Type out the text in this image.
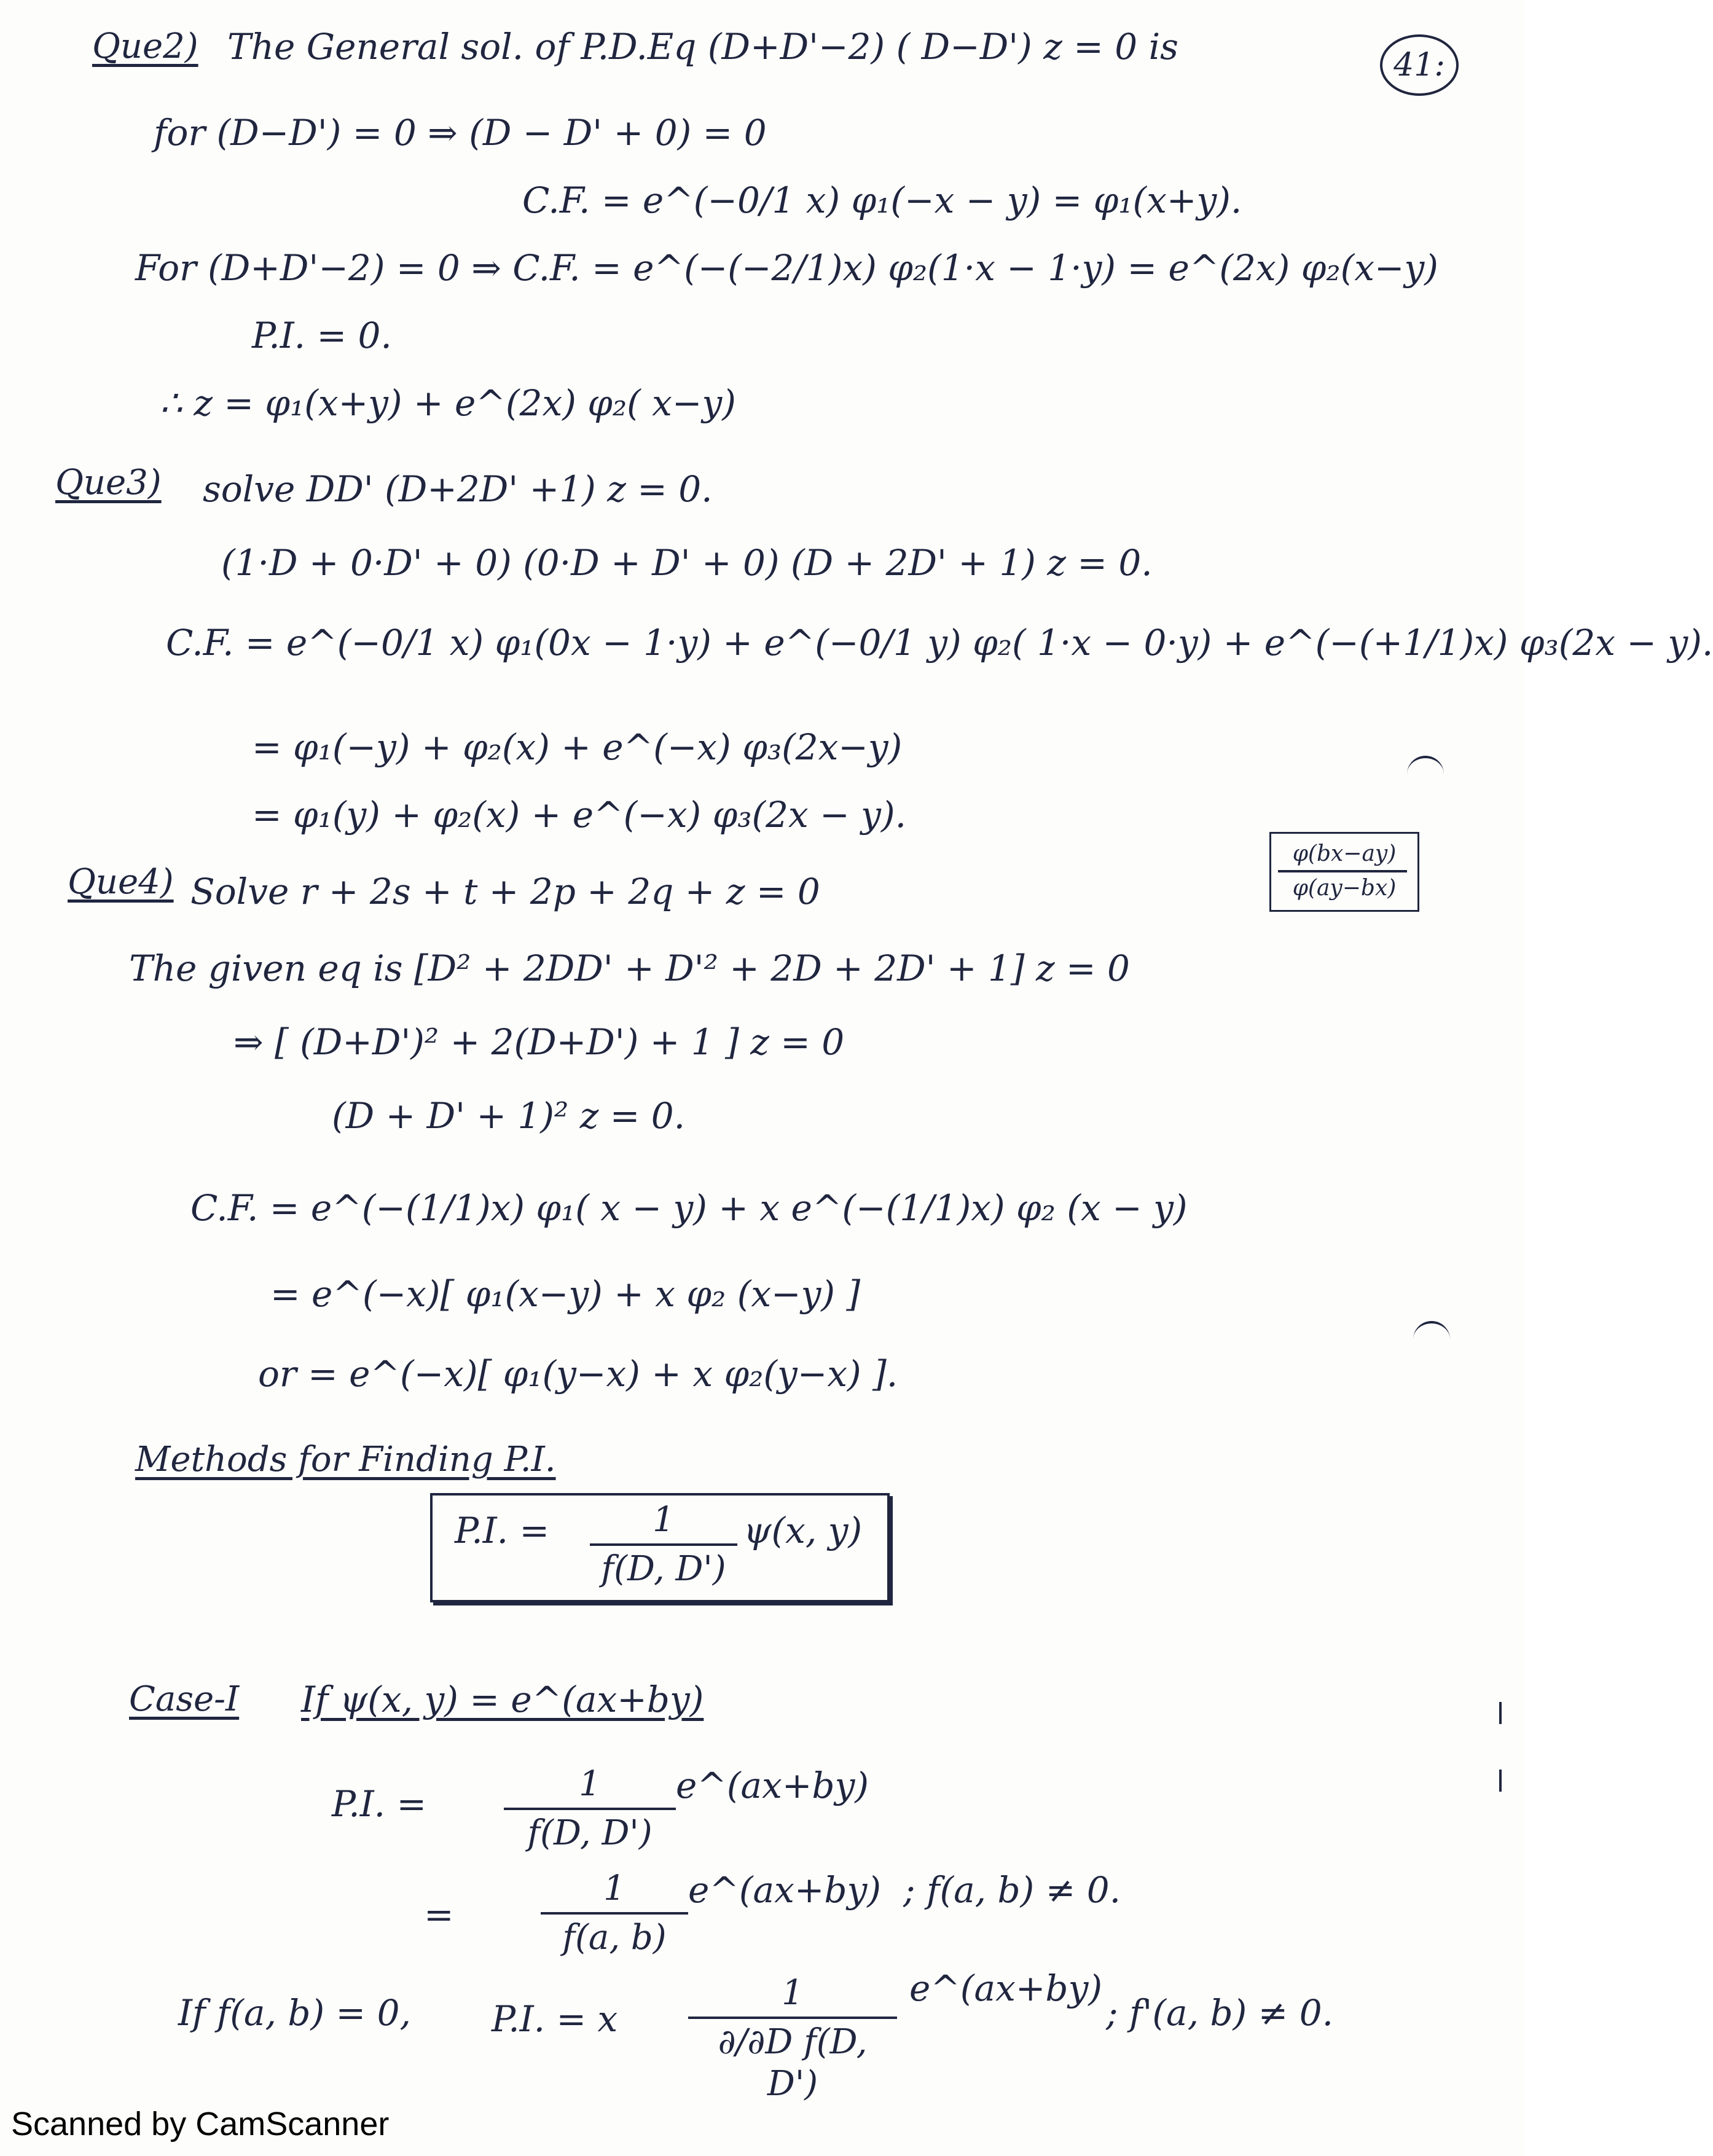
41:
Que2) The General sol. of P.D.Eq (D+D'−2) ( D−D') z = 0 is
for (D−D') = 0 ⇒ (D − D' + 0) = 0
C.F. = e^(−0/1 x) φ₁(−x − y) = φ₁(x+y).
For (D+D'−2) = 0 ⇒ C.F. = e^(−(−2/1)x) φ₂(1·x − 1·y) = e^(2x) φ₂(x−y)
P.I. = 0.
∴ z = φ₁(x+y) + e^(2x) φ₂( x−y)
Que3) solve DD' (D+2D' +1) z = 0.
(1·D + 0·D' + 0) (0·D + D' + 0) (D + 2D' + 1) z = 0.
C.F. = e^(−0/1 x) φ₁(0x − 1·y) + e^(−0/1 y) φ₂( 1·x − 0·y) + e^(−(+1/1)x) φ₃(2x − y).
= φ₁(−y) + φ₂(x) + e^(−x) φ₃(2x−y)
= φ₁(y) + φ₂(x) + e^(−x) φ₃(2x − y).
φ(bx−ay)
φ(ay−bx)
Que4) Solve r + 2s + t + 2p + 2q + z = 0
The given eq is [D² + 2DD' + D'² + 2D + 2D' + 1] z = 0
⇒ [ (D+D')² + 2(D+D') + 1 ] z = 0
(D + D' + 1)² z = 0.
C.F. = e^(−(1/1)x) φ₁( x − y) + x e^(−(1/1)x) φ₂ (x − y)
= e^(−x)[ φ₁(x−y) + x φ₂ (x−y) ]
or = e^(−x)[ φ₁(y−x) + x φ₂(y−x) ].
Methods for Finding P.I.
P.I. =	1
f(D, D')
ψ(x, y)
Case-I If ψ(x, y) = e^(ax+by)
P.I. =	1
f(D, D')
e^(ax+by)
=
1
f(a, b)
e^(ax+by) ; f(a, b) ≠ 0.
If f(a, b) = 0, P.I. = x
1
∂/∂D f(D, D')
e^(ax+by)
; f'(a, b) ≠ 0.
Scanned by CamScanner
